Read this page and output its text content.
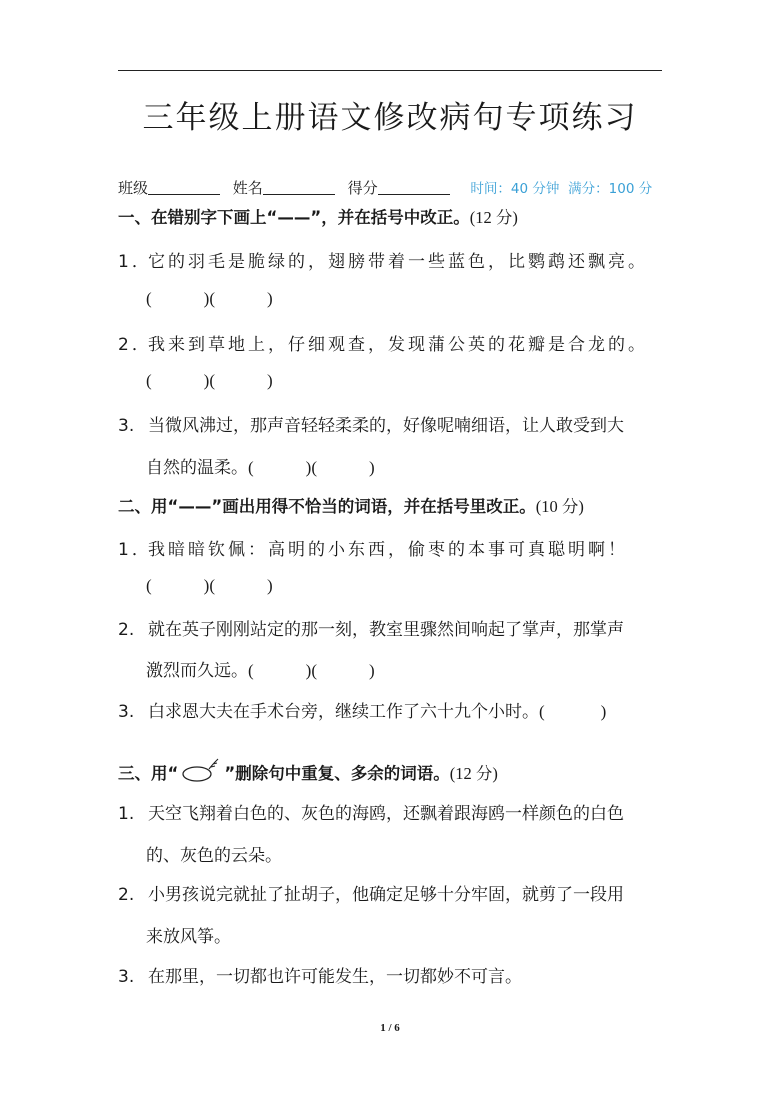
三年级上册语文修改病句专项练习
班级	姓名	得分	时间：40 分钟 满分：100 分
一、在错别字下画上“——”，并在括号中改正。(12 分)
1．它的羽毛是脆绿的，翅膀带着一些蓝色，比鹦鹉还飘亮。
(	)(	)
2．我来到草地上，仔细观查，发现蒲公英的花瓣是合龙的。
(	)(	)
3. 当微风沸过，那声音轻轻柔柔的，好像呢喃细语，让人敢受到大
自然的温柔。(	)(	)
二、用“——”画出用得不恰当的词语，并在括号里改正。(10 分)
1．我暗暗钦佩：高明的小东西，偷枣的本事可真聪明啊！
(	)(	)
2. 就在英子刚刚站定的那一刻，教室里骤然间响起了掌声，那掌声
激烈而久远。(	)(	)
3. 白求恩大夫在手术台旁，继续工作了六十九个小时。(	)
三、用“	”删除句中重复、多余的词语。(12 分)
1. 天空飞翔着白色的、灰色的海鸥，还飘着跟海鸥一样颜色的白色
的、灰色的云朵。
2. 小男孩说完就扯了扯胡子，他确定足够十分牢固，就剪了一段用
来放风筝。
3. 在那里，一切都也许可能发生，一切都妙不可言。
1 / 6
